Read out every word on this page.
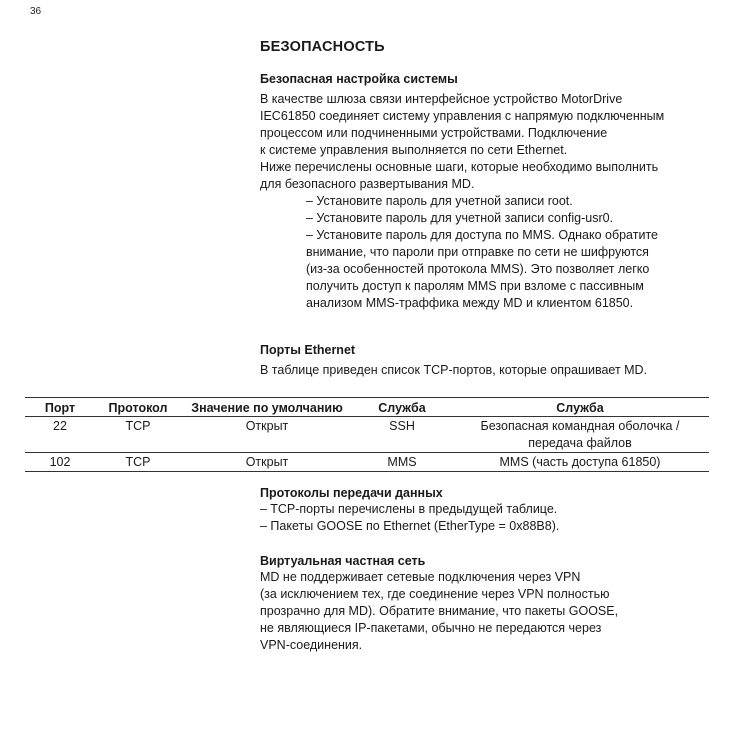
36
БЕЗОПАСНОСТЬ
Безопасная настройка системы
В качестве шлюза связи интерфейсное устройство MotorDrive
IEC61850 соединяет систему управления с напрямую подключенным
процессом или подчиненными устройствами. Подключение
к системе управления выполняется по сети Ethernet.
Ниже перечислены основные шаги, которые необходимо выполнить
для безопасного развертывания MD.
– Установите пароль для учетной записи root.
– Установите пароль для учетной записи config-usr0.
– Установите пароль для доступа по MMS. Однако обратите
внимание, что пароли при отправке по сети не шифруются
(из-за особенностей протокола MMS). Это позволяет легко
получить доступ к паролям MMS при взломе с пассивным
анализом MMS-траффика между MD и клиентом 61850.
Порты Ethernet
В таблице приведен список TCP-портов, которые опрашивает MD.
Порт	Протокол	Значение по умолчанию	Служба	Служба
22	TCP	Открыт	SSH	Безопасная командная оболочка /
передача файлов

102	TCP	Открыт	MMS	MMS (часть доступа 61850)
Протоколы передачи данных
– TCP-порты перечислены в предыдущей таблице.
– Пакеты GOOSE по Ethernet (EtherType = 0x88B8).
Виртуальная частная сеть
MD не поддерживает сетевые подключения через VPN
(за исключением тех, где соединение через VPN полностью
прозрачно для MD). Обратите внимание, что пакеты GOOSE,
не являющиеся IP-пакетами, обычно не передаются через
VPN-соединения.
